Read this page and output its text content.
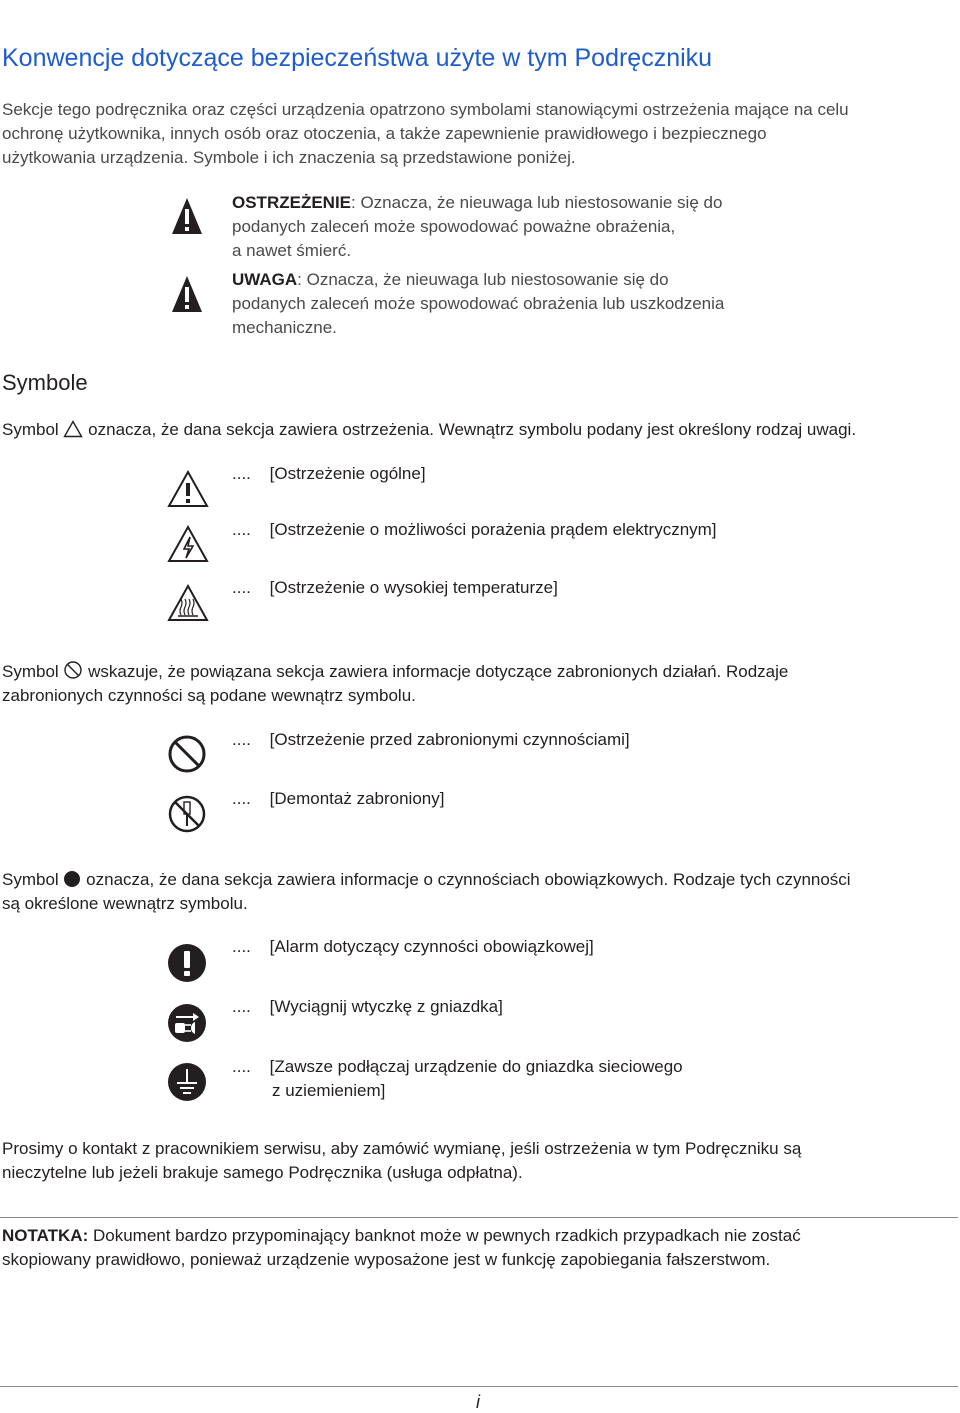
Konwencje dotyczące bezpieczeństwa użyte w tym Podręczniku
Sekcje tego podręcznika oraz części urządzenia opatrzono symbolami stanowiącymi ostrzeżenia mające na celu
ochronę użytkownika, innych osób oraz otoczenia, a także zapewnienie prawidłowego i bezpiecznego
użytkowania urządzenia. Symbole i ich znaczenia są przedstawione poniżej.
OSTRZEŻENIE: Oznacza, że nieuwaga lub niestosowanie się do
podanych zaleceń może spowodować poważne obrażenia,
a nawet śmierć.
UWAGA: Oznacza, że nieuwaga lub niestosowanie się do
podanych zaleceń może spowodować obrażenia lub uszkodzenia
mechaniczne.
Symbole
Symbol oznacza, że dana sekcja zawiera ostrzeżenia. Wewnątrz symbolu podany jest określony rodzaj uwagi.
.... [Ostrzeżenie ogólne]
.... [Ostrzeżenie o możliwości porażenia prądem elektrycznym]
.... [Ostrzeżenie o wysokiej temperaturze]
Symbol wskazuje, że powiązana sekcja zawiera informacje dotyczące zabronionych działań. Rodzaje
zabronionych czynności są podane wewnątrz symbolu.
.... [Ostrzeżenie przed zabronionymi czynnościami]
.... [Demontaż zabroniony]
Symbol oznacza, że dana sekcja zawiera informacje o czynnościach obowiązkowych. Rodzaje tych czynności
są określone wewnątrz symbolu.
.... [Alarm dotyczący czynności obowiązkowej]
.... [Wyciągnij wtyczkę z gniazdka]
.... [Zawsze podłączaj urządzenie do gniazdka sieciowego
z uziemieniem]
Prosimy o kontakt z pracownikiem serwisu, aby zamówić wymianę, jeśli ostrzeżenia w tym Podręczniku są
nieczytelne lub jeżeli brakuje samego Podręcznika (usługa odpłatna).
NOTATKA: Dokument bardzo przypominający banknot może w pewnych rzadkich przypadkach nie zostać
skopiowany prawidłowo, ponieważ urządzenie wyposażone jest w funkcję zapobiegania fałszerstwom.
i
